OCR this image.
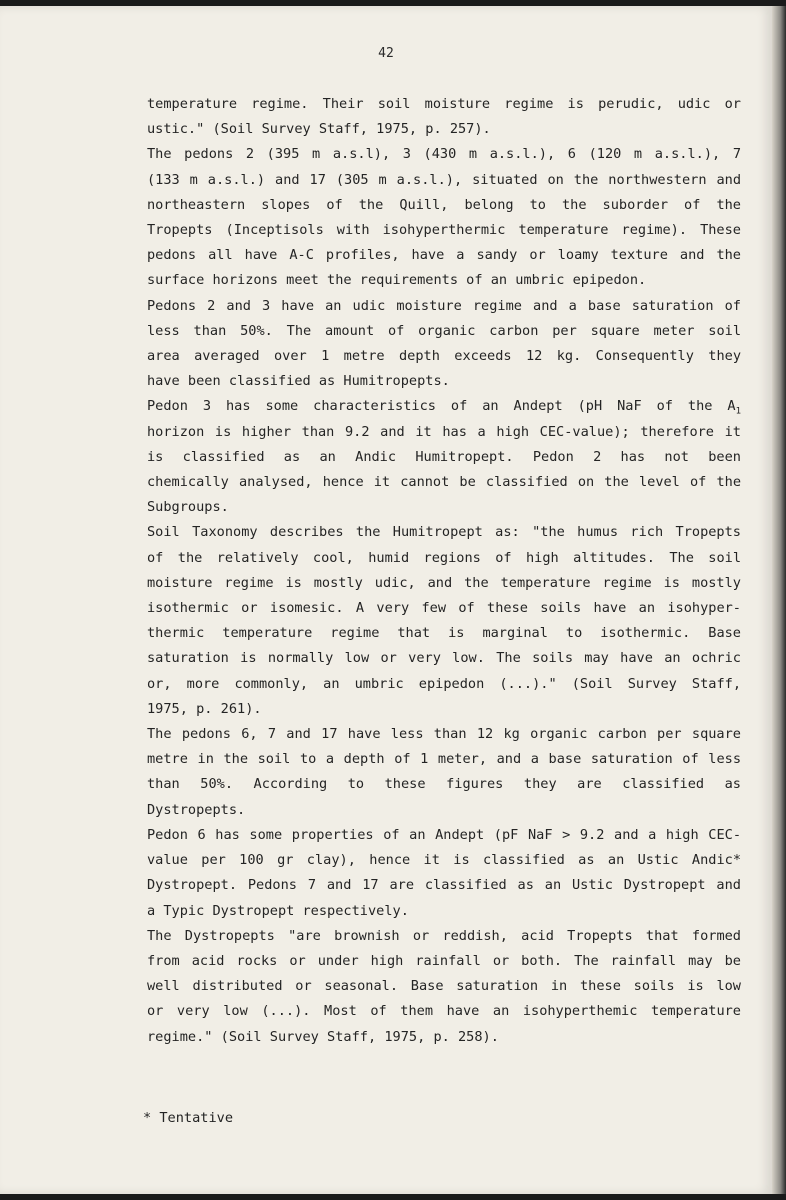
42
temperature regime. Their soil moisture regime is perudic, udic or
ustic." (Soil Survey Staff, 1975, p. 257).
The pedons 2 (395 m a.s.l), 3 (430 m a.s.l.), 6 (120 m a.s.l.), 7
(133 m a.s.l.) and 17 (305 m a.s.l.), situated on the northwestern and
northeastern slopes of the Quill, belong to the suborder of the
Tropepts (Inceptisols with isohyperthermic temperature regime). These
pedons all have A-C profiles, have a sandy or loamy texture and the
surface horizons meet the requirements of an umbric epipedon.
Pedons 2 and 3 have an udic moisture regime and a base saturation of
less than 50%. The amount of organic carbon per square meter soil
area averaged over 1 metre depth exceeds 12 kg. Consequently they
have been classified as Humitropepts.
Pedon 3 has some characteristics of an Andept (pH NaF of the $A_1$
horizon is higher than 9.2 and it has a high CEC-value); therefore it
is classified as an Andic Humitropept. Pedon 2 has not been
chemically analysed, hence it cannot be classified on the level of the
Subgroups.
Soil Taxonomy describes the Humitropept as: "the humus rich Tropepts
of the relatively cool, humid regions of high altitudes. The soil
moisture regime is mostly udic, and the temperature regime is mostly
isothermic or isomesic. A very few of these soils have an isohyper-
thermic temperature regime that is marginal to isothermic. Base
saturation is normally low or very low. The soils may have an ochric
or, more commonly, an umbric epipedon (...)." (Soil Survey Staff,
1975, p. 261).
The pedons 6, 7 and 17 have less than 12 kg organic carbon per square
metre in the soil to a depth of 1 meter, and a base saturation of less
than 50%. According to these figures they are classified as
Dystropepts.
Pedon 6 has some properties of an Andept (pF NaF > 9.2 and a high CEC-
value per 100 gr clay), hence it is classified as an Ustic Andic*
Dystropept. Pedons 7 and 17 are classified as an Ustic Dystropept and
a Typic Dystropept respectively.
The Dystropepts "are brownish or reddish, acid Tropepts that formed
from acid rocks or under high rainfall or both. The rainfall may be
well distributed or seasonal. Base saturation in these soils is low
or very low (...). Most of them have an isohyperthemic temperature
regime." (Soil Survey Staff, 1975, p. 258).
* Tentative
